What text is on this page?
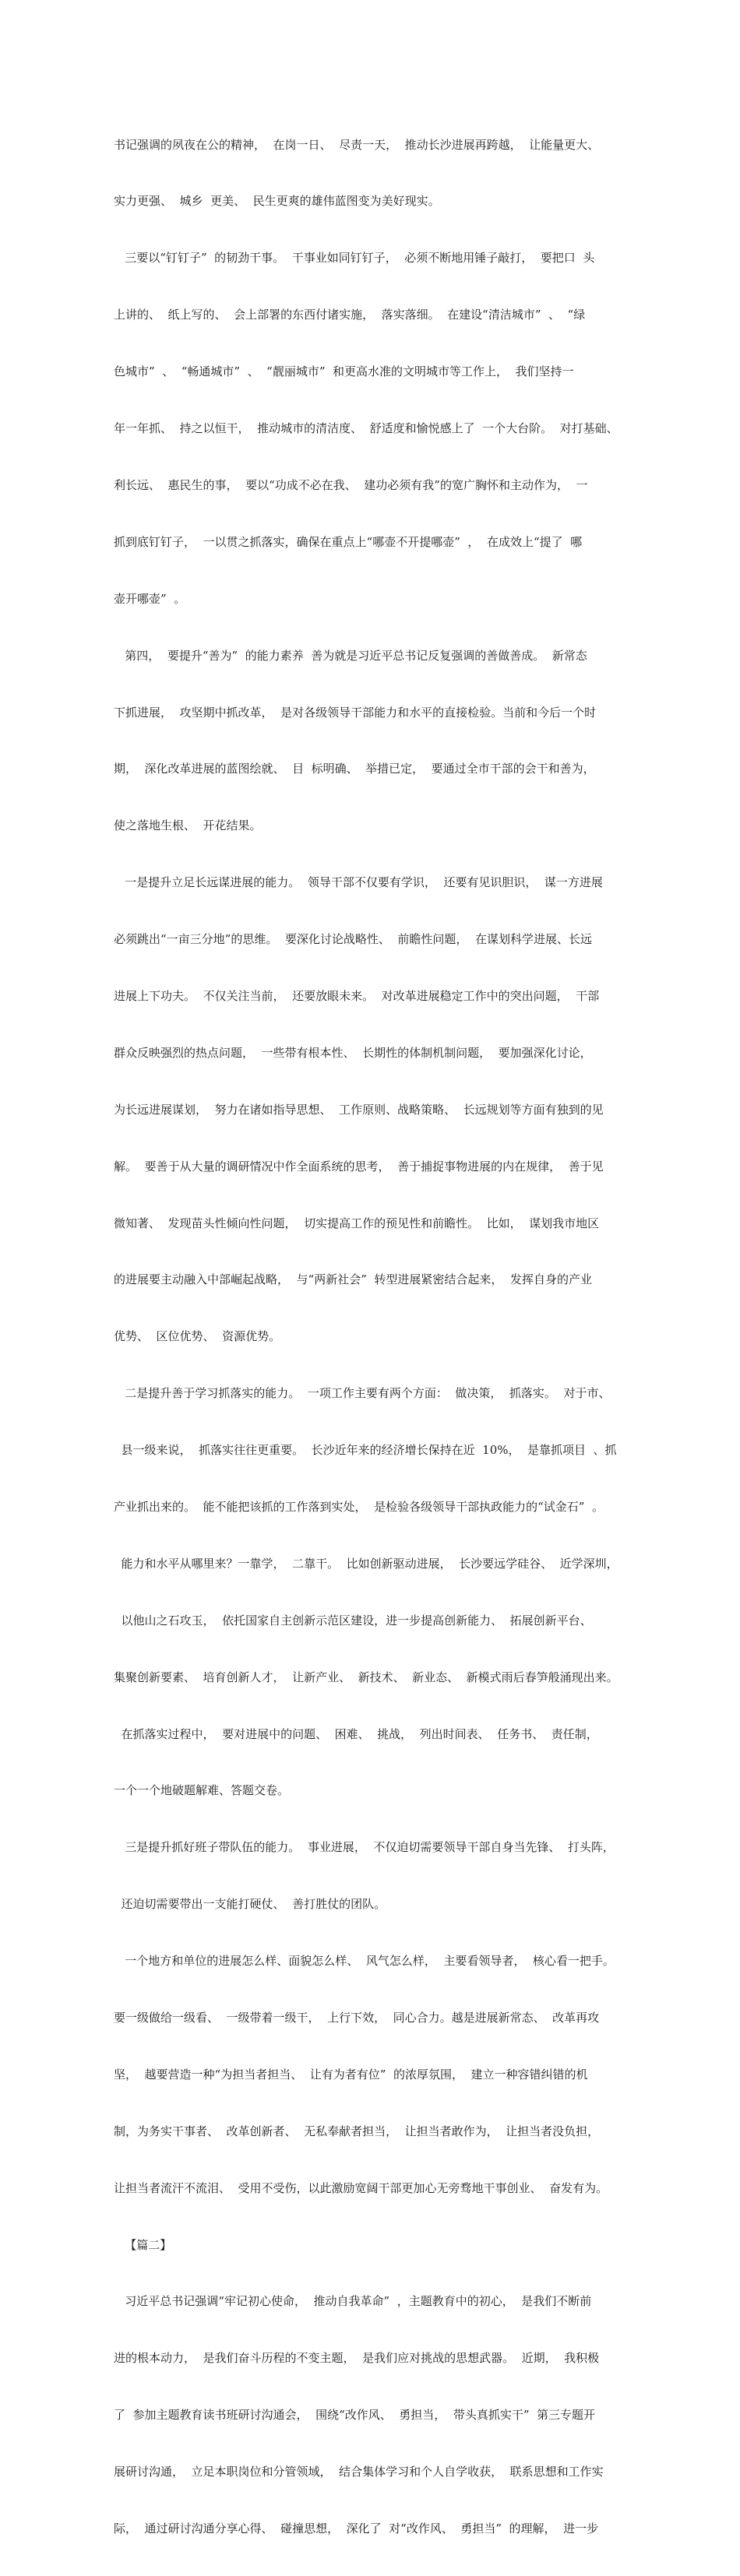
书记强调的夙夜在公的精神，  在岗一日、  尽责一天，  推动长沙进展再跨越，  让能量更大、

实力更强、  城乡  更美、  民生更爽的雄伟蓝图变为美好现实。

三要以“钉钉子”  的韧劲干事。  干事业如同钉钉子，  必须不断地用锤子敲打，  要把口  头

上讲的、  纸上写的、  会上部署的东西付诸实施，  落实落细。  在建设“清洁城市”  、  “绿

色城市”  、  “畅通城市”  、  “靓丽城市”  和更高水准的文明城市等工作上，  我们坚持一

年一年抓、  持之以恒干，  推动城市的清洁度、  舒适度和愉悦感上了  一个大台阶。  对打基础、

利长远、  惠民生的事，  要以“功成不必在我、  建功必须有我”的宽广胸怀和主动作为，  一

抓到底钉钉子，  一以贯之抓落实，确保在重点上“哪壶不开提哪壶”  ，  在成效上“提了  哪

壶开哪壶”  。

第四，  要提升“善为”  的能力素养  善为就是习近平总书记反复强调的善做善成。  新常态

下抓进展，  攻坚期中抓改革，  是对各级领导干部能力和水平的直接检验。当前和今后一个时

期，  深化改革进展的蓝图绘就、  目  标明确、  举措已定，  要通过全市干部的会干和善为，

使之落地生根、  开花结果。

一是提升立足长远谋进展的能力。  领导干部不仅要有学识，  还要有见识胆识，  谋一方进展

必须跳出“一亩三分地”的思维。  要深化讨论战略性、  前瞻性问题，  在谋划科学进展、长远

进展上下功夫。  不仅关注当前，  还要放眼未来。  对改革进展稳定工作中的突出问题，  干部

群众反映强烈的热点问题，  一些带有根本性、  长期性的体制机制问题，  要加强深化讨论，

为长远进展谋划，  努力在诸如指导思想、  工作原则、战略策略、  长远规划等方面有独到的见

解。  要善于从大量的调研情况中作全面系统的思考，  善于捕捉事物进展的内在规律，  善于见

微知著、  发现苗头性倾向性问题，  切实提高工作的预见性和前瞻性。  比如，  谋划我市地区

的进展要主动融入中部崛起战略，  与“两新社会”  转型进展紧密结合起来，  发挥自身的产业

优势、  区位优势、  资源优势。

二是提升善于学习抓落实的能力。  一项工作主要有两个方面：  做决策，  抓落实。  对于市、

县一级来说，  抓落实往往更重要。  长沙近年来的经济增长保持在近  10%，  是靠抓项目  、抓

产业抓出来的。  能不能把该抓的工作落到实处，  是检验各级领导干部执政能力的“试金石”  。

能力和水平从哪里来？一靠学，  二靠干。  比如创新驱动进展，  长沙要远学硅谷、  近学深圳，

以他山之石攻玉，  依托国家自主创新示范区建设，进一步提高创新能力、  拓展创新平台、

集聚创新要素、  培育创新人才，  让新产业、  新技术、  新业态、  新模式雨后春笋般涌现出来。

在抓落实过程中，  要对进展中的问题、  困难、  挑战，  列出时间表、  任务书、  责任制，

一个一个地破题解难、答题交卷。

三是提升抓好班子带队伍的能力。  事业进展，  不仅迫切需要领导干部自身当先锋、  打头阵，

还迫切需要带出一支能打硬仗、  善打胜仗的团队。

一个地方和单位的进展怎么样、面貌怎么样、  风气怎么样，  主要看领导者，  核心看一把手。

要一级做给一级看、  一级带着一级干，  上行下效，  同心合力。越是进展新常态、  改革再攻

坚，  越要营造一种“为担当者担当、  让有为者有位”  的浓厚氛围，  建立一种容错纠错的机

制，为务实干事者、  改革创新者、  无私奉献者担当，  让担当者敢作为，  让担当者没负担，

让担当者流汗不流泪、  受用不受伤，以此激励宽阔干部更加心无旁骛地干事创业、  奋发有为。

【篇二】

习近平总书记强调“牢记初心使命，  推动自我革命”  ，主题教育中的初心，  是我们不断前

进的根本动力，  是我们奋斗历程的不变主题，  是我们应对挑战的思想武器。  近期，  我积极

了  参加主题教育读书班研讨沟通会，  围绕“改作风、  勇担当，  带头真抓实干”  第三专题开

展研讨沟通，  立足本职岗位和分管领域，  结合集体学习和个人自学收获，  联系思想和工作实

际，  通过研讨沟通分享心得、  碰撞思想，  深化了  对“改作风、  勇担当”  的理解，  进一步
